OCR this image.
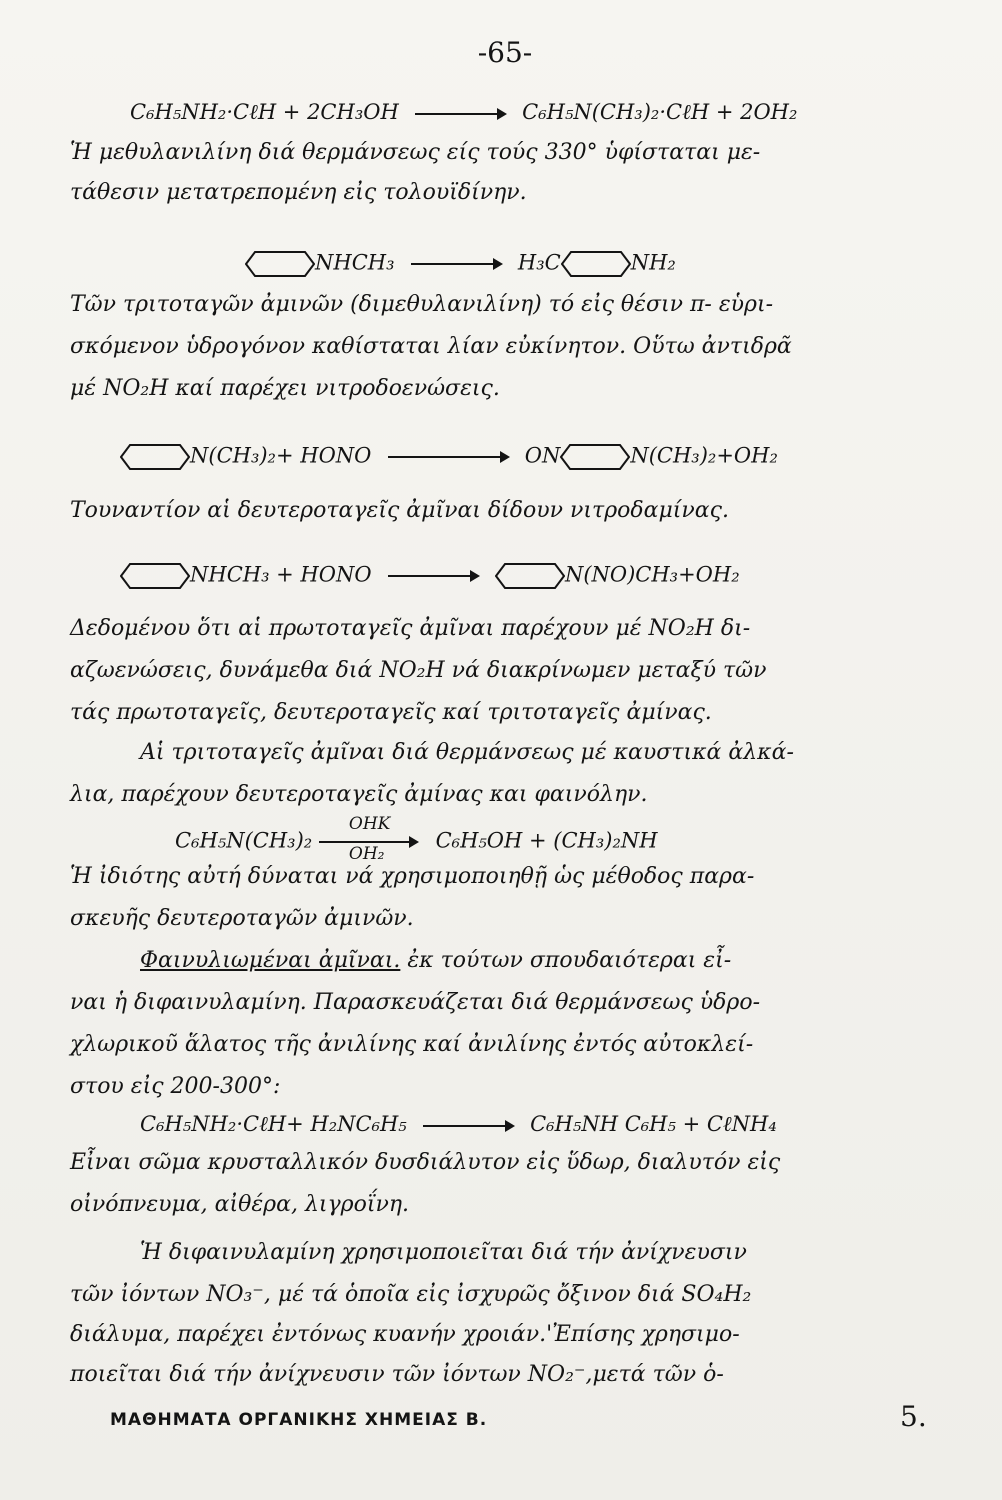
-65-
C₆H₅NH₂·CℓH + 2CH₃OH	C₆H₅N(CH₃)₂·CℓH + 2OH₂
Ἡ μεθυλανιλίνη διά θερμάνσεως είς τούς 330° ὑφίσταται με-
τάθεσιν μετατρεπομένη εἰς τολουϊδίνην.
NHCH₃	H₃C	NH₂
Τῶν τριτοταγῶν ἀμινῶν (διμεθυλανιλίνη) τό εἰς θέσιν π- εὑρι-
σκόμενον ὑδρογόνον καθίσταται λίαν εὐκίνητον. Οὕτω ἀντιδρᾶ
μέ ΝΟ₂Η καί παρέχει νιτροδοενώσεις.
N(CH₃)₂+ HONO	ON	N(CH₃)₂+OH₂
Τουναντίον αἱ δευτεροταγεῖς ἀμῖναι δίδουν νιτροδαμίνας.
NHCH₃ + HONO	N(NO)CH₃+OH₂
Δεδομένου ὅτι αἱ πρωτοταγεῖς ἀμῖναι παρέχουν μέ ΝΟ₂Η δι-
αζωενώσεις, δυνάμεθα διά ΝΟ₂Η νά διακρίνωμεν μεταξύ τῶν
τάς πρωτοταγεῖς, δευτεροταγεῖς καί τριτοταγεῖς ἀμίνας.
Αἱ τριτοταγεῖς ἀμῖναι διά θερμάνσεως μέ καυστικά ἀλκά-
λια, παρέχουν δευτεροταγεῖς ἀμίνας και φαινόλην.
C₆H₅N(CH₃)₂
OHK
OH₂
C₆H₅OH + (CH₃)₂NH
Ἡ ἰδιότης αὐτή δύναται νά χρησιμοποιηθῇ ὡς μέθοδος παρα-
σκευῆς δευτεροταγῶν ἀμινῶν.
Φαινυλιωμέναι ἀμῖναι. ἐκ τούτων σπουδαιότεραι εἶ-
ναι ἡ διφαινυλαμίνη. Παρασκευάζεται διά θερμάνσεως ὑδρο-
χλωρικοῦ ἅλατος τῆς ἀνιλίνης καί ἀνιλίνης ἐντός αὐτοκλεί-
στου εἰς 200-300°:
C₆H₅NH₂·CℓH+ H₂NC₆H₅	C₆H₅NH C₆H₅ + CℓNH₄
Εἶναι σῶμα κρυσταλλικόν δυσδιάλυτον εἰς ὕδωρ, διαλυτόν εἰς
οἰνόπνευμα, αἰθέρα, λιγροΐνη.
Ἡ διφαινυλαμίνη χρησιμοποιεῖται διά τήν ἀνίχνευσιν
τῶν ἰόντων ΝΟ₃⁻, μέ τά ὁποῖα εἰς ἰσχυρῶς ὄξινον διά SO₄H₂
διάλυμα, παρέχει ἐντόνως κυανήν χροιάν.'Ἐπίσης χρησιμο-
ποιεῖται διά τήν ἀνίχνευσιν τῶν ἰόντων ΝΟ₂⁻,μετά τῶν ὁ-
ΜΑΘΗΜΑΤΑ ΟΡΓΑΝΙΚΗΣ ΧΗΜΕΙΑΣ Β.	5.
